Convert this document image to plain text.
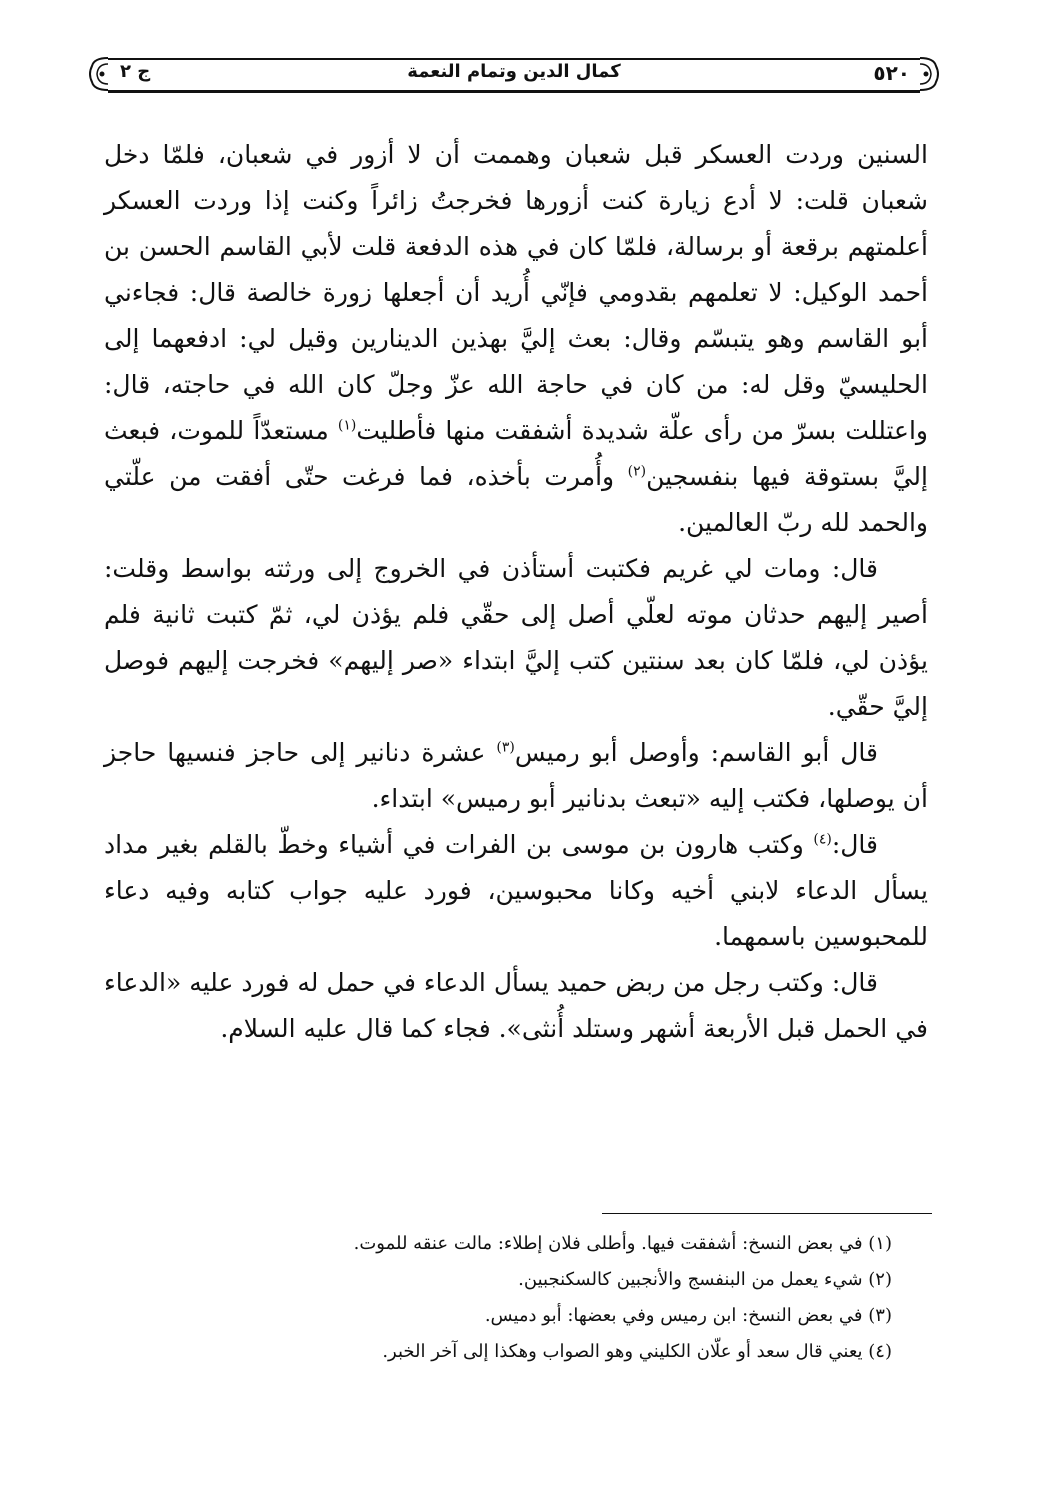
٥٢٠
كمال الدين وتمام النعمة
ج ٢

السنين وردت العسكر قبل شعبان وهممت أن لا أزور في شعبان، فلمّا دخل شعبان قلت: لا أدع زيارة كنت أزورها فخرجتُ زائراً وكنت إذا وردت العسكر أعلمتهم برقعة أو برسالة، فلمّا كان في هذه الدفعة قلت لأبي القاسم الحسن بن أحمد الوكيل: لا تعلمهم بقدومي فإنّي أُريد أن أجعلها زورة خالصة قال: فجاءني أبو القاسم وهو يتبسّم وقال: بعث إليَّ بهذين الدينارين وقيل لي: ادفعهما إلى الحليسيّ وقل له: من كان في حاجة الله عزّ وجلّ كان الله في حاجته، قال: واعتللت بسرّ من رأى علّة شديدة أشفقت منها فأطليت$^{(١)}$ مستعدّاً للموت، فبعث إليَّ بستوقة فيها بنفسجين$^{(٢)}$ وأُمرت بأخذه، فما فرغت حتّى أفقت من علّتي والحمد لله ربّ العالمين.

قال: ومات لي غريم فكتبت أستأذن في الخروج إلى ورثته بواسط وقلت: أصير إليهم حدثان موته لعلّي أصل إلى حقّي فلم يؤذن لي، ثمّ كتبت ثانية فلم يؤذن لي، فلمّا كان بعد سنتين كتب إليَّ ابتداء «صر إليهم» فخرجت إليهم فوصل إليَّ حقّي.

قال أبو القاسم: وأوصل أبو رميس$^{(٣)}$ عشرة دنانير إلى حاجز فنسيها حاجز أن يوصلها، فكتب إليه «تبعث بدنانير أبو رميس» ابتداء.

قال:$^{(٤)}$ وكتب هارون بن موسى بن الفرات في أشياء وخطّ بالقلم بغير مداد يسأل الدعاء لابني أخيه وكانا محبوسين، فورد عليه جواب كتابه وفيه دعاء للمحبوسين باسمهما.

قال: وكتب رجل من ربض حميد يسأل الدعاء في حمل له فورد عليه «الدعاء في الحمل قبل الأربعة أشهر وستلد أُنثى». فجاء كما قال عليه السلام.

(١) في بعض النسخ: أشفقت فيها. وأطلى فلان إطلاء: مالت عنقه للموت.
(٢) شيء يعمل من البنفسج والأنجبين كالسكنجبين.
(٣) في بعض النسخ: ابن رميس وفي بعضها: أبو دميس.
(٤) يعني قال سعد أو علّان الكليني وهو الصواب وهكذا إلى آخر الخبر.
